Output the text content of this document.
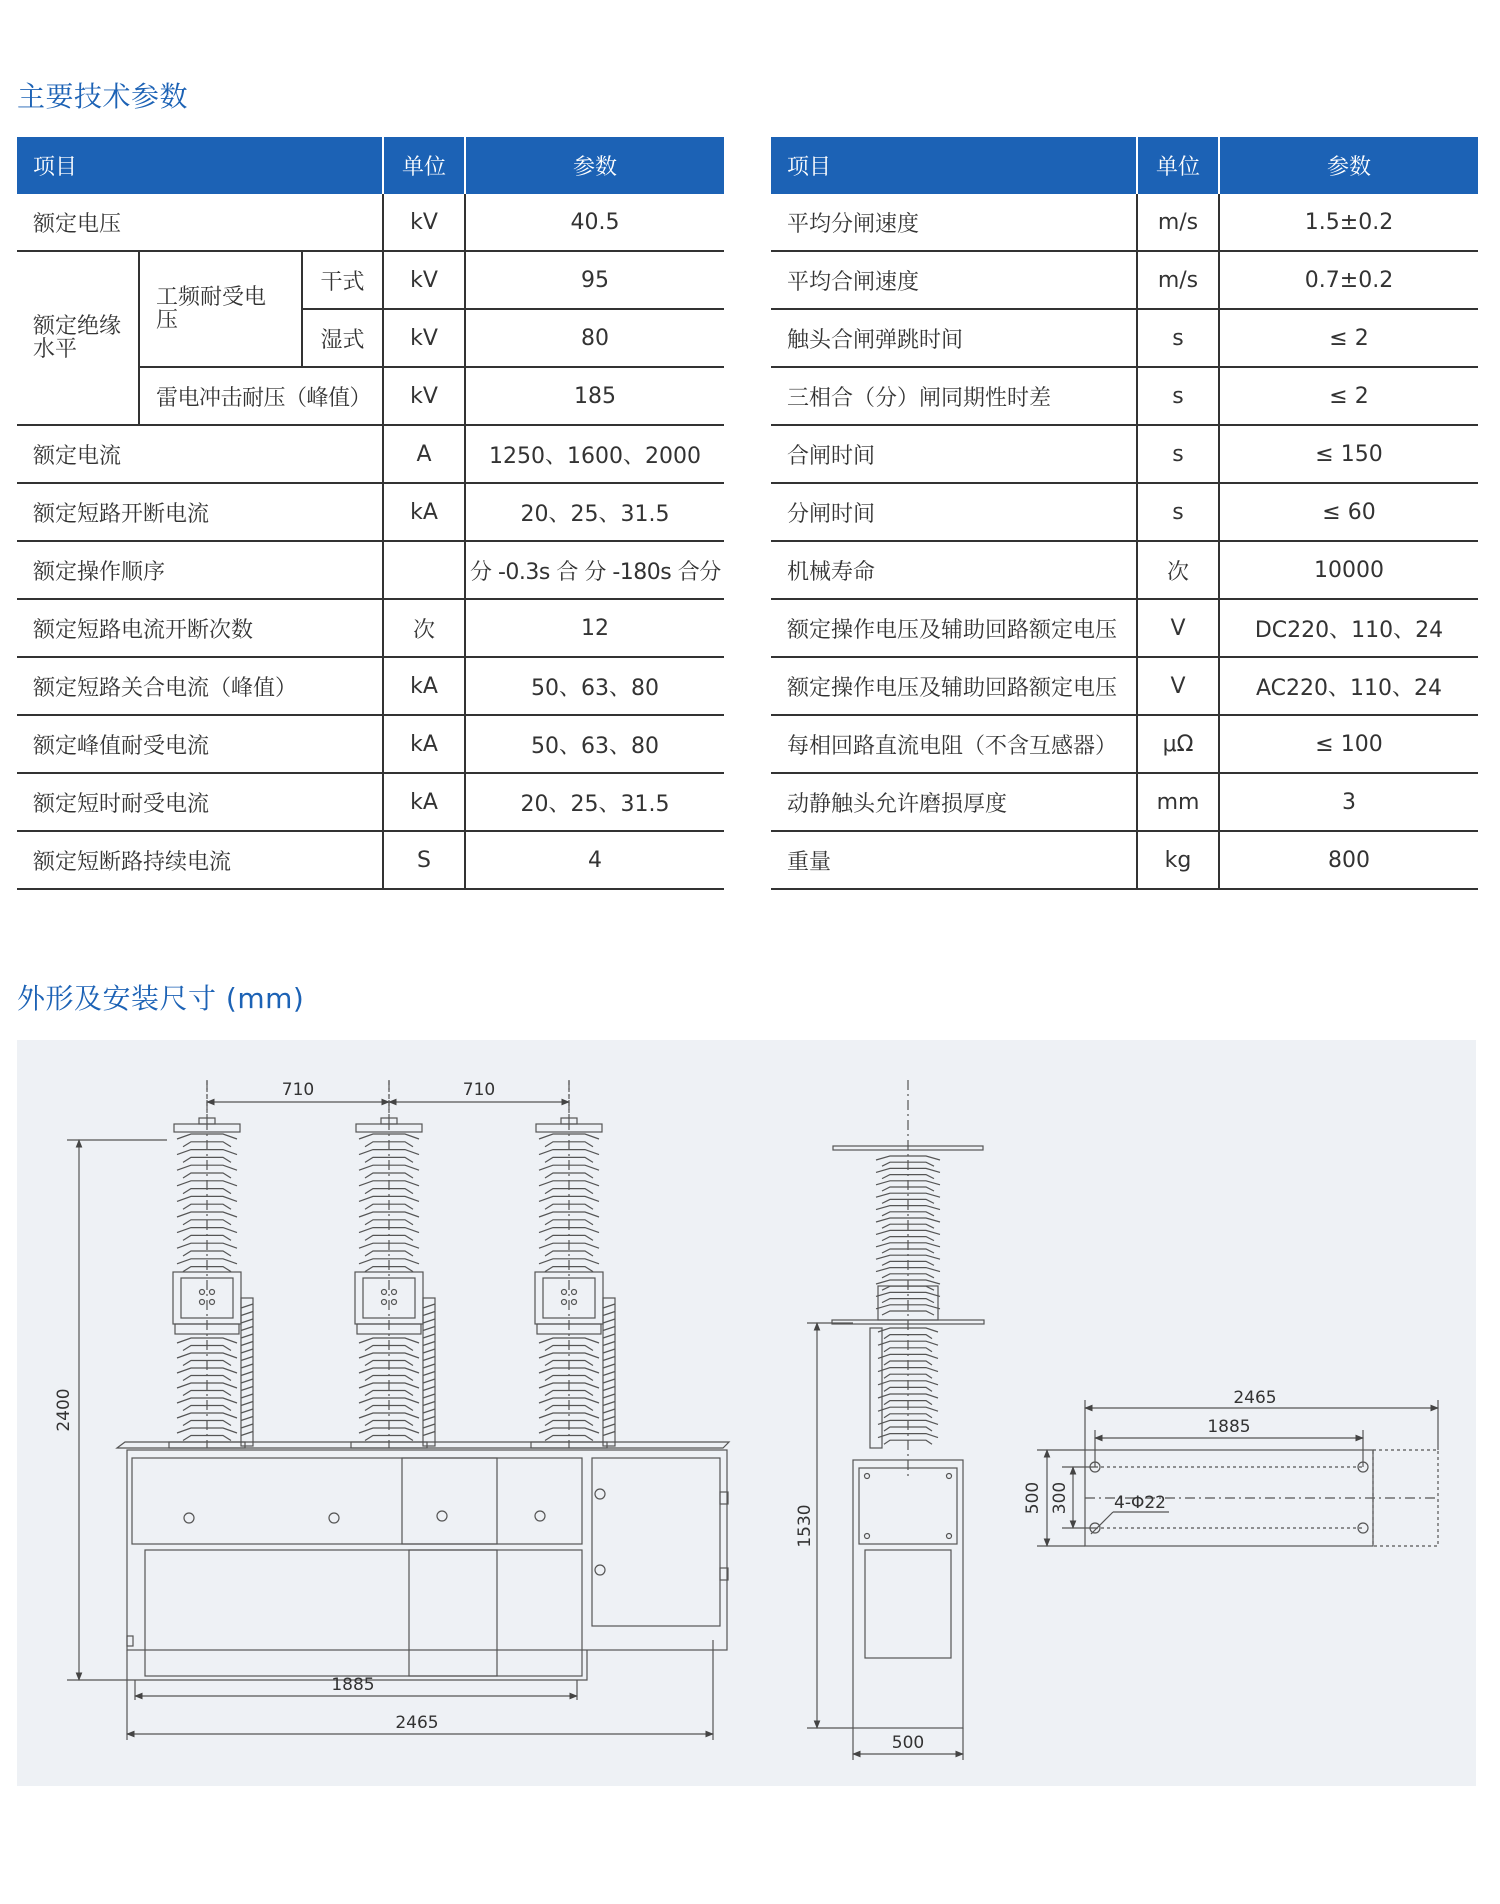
主要技术参数
项目			单位	参数
额定电压			kV	40.5
额定绝缘水平	工频耐受电压	干式	kV	95
		湿式	kV	80
	雷电冲击耐压（峰值）		kV	185
额定电流			A	1250、1600、2000
额定短路开断电流			kA	20、25、31.5
额定操作顺序				分 -0.3s 合 分 -180s 合分
额定短路电流开断次数			次	12
额定短路关合电流（峰值）			kA	50、63、80
额定峰值耐受电流			kA	50、63、80
额定短时耐受电流			kA	20、25、31.5
额定短断路持续电流			S	4
项目	单位	参数
平均分闸速度	m/s	1.5±0.2
平均合闸速度	m/s	0.7±0.2
触头合闸弹跳时间	s	≤ 2
三相合（分）闸同期性时差	s	≤ 2
合闸时间	s	≤ 150
分闸时间	s	≤ 60
机械寿命	次	10000
额定操作电压及辅助回路额定电压	V	DC220、110、24
额定操作电压及辅助回路额定电压	V	AC220、110、24
每相回路直流电阻（不含互感器）	μΩ	≤ 100
动静触头允许磨损厚度	mm	3
重量	kg	800
外形及安装尺寸 (mm)
710	710
2400
1885
2465
1530
500
2465
1885
500 300	4-Φ22
